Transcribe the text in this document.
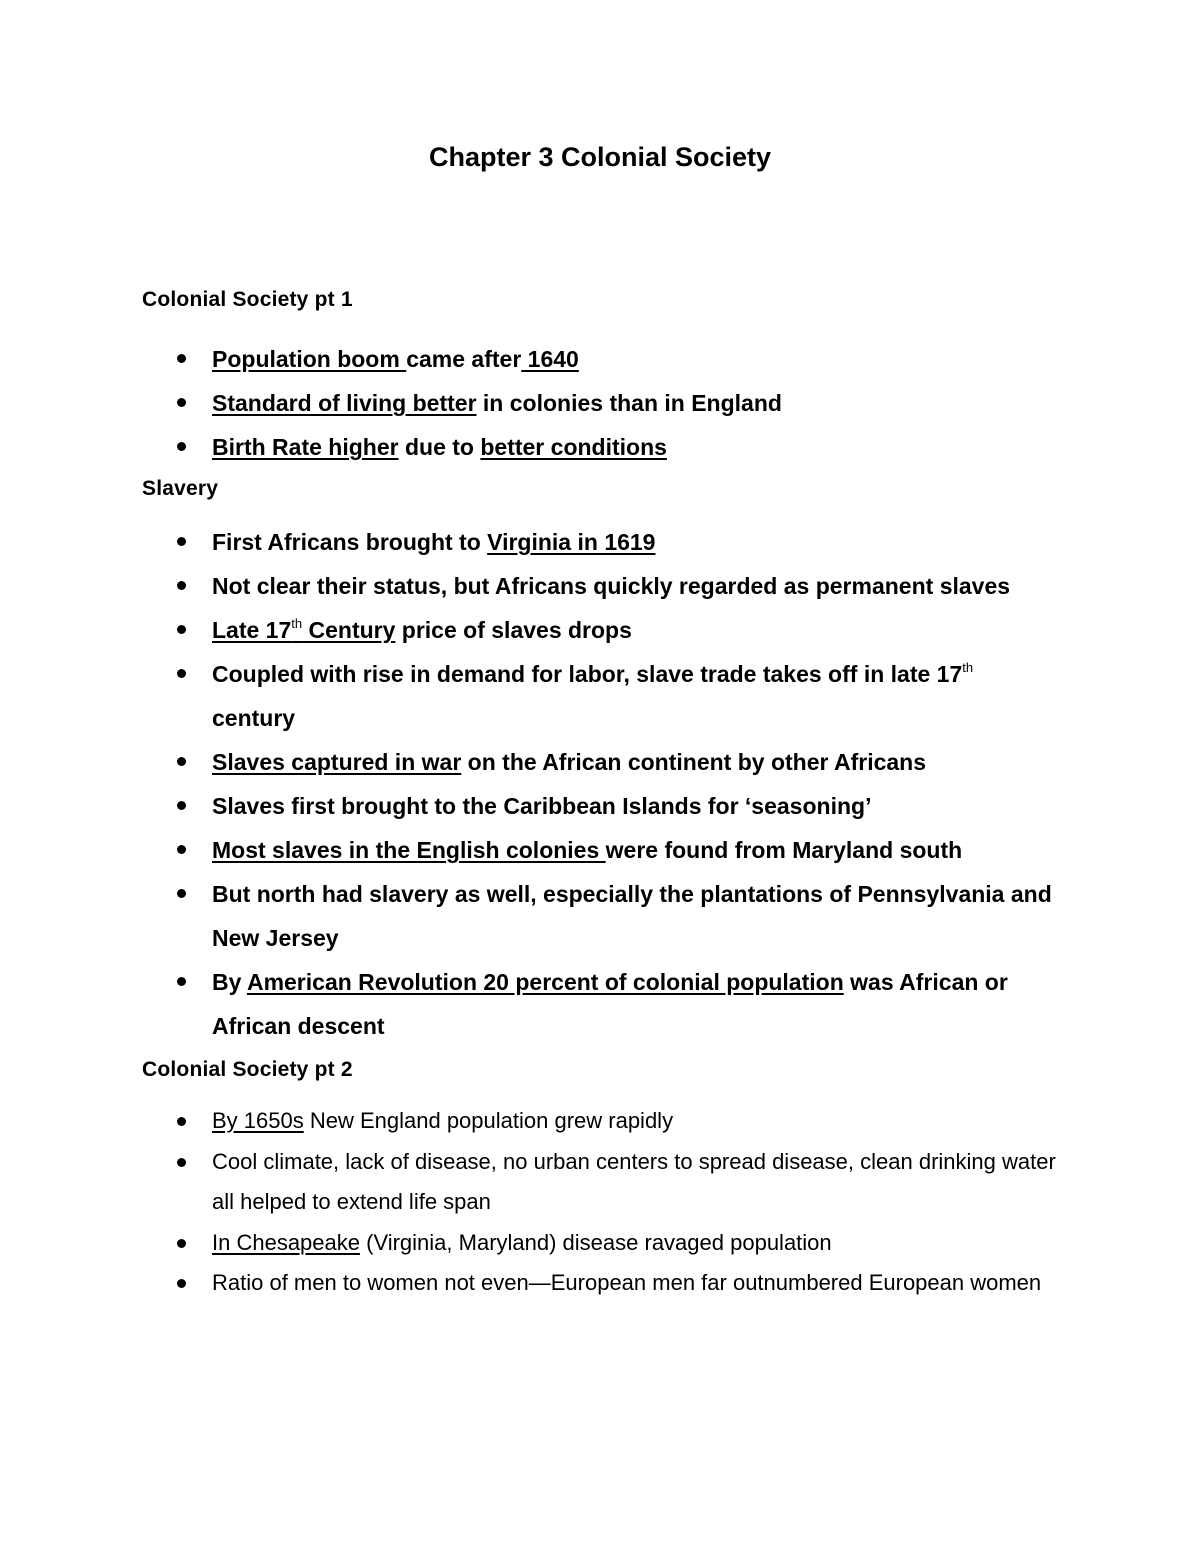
Chapter 3 Colonial Society
Colonial Society pt 1
Population boom came after 1640
Standard of living better in colonies than in England
Birth Rate higher due to better conditions
Slavery
First Africans brought to Virginia in 1619
Not clear their status, but Africans quickly regarded as permanent slaves
Late 17th Century price of slaves drops
Coupled with rise in demand for labor, slave trade takes off in late 17th
century
Slaves captured in war on the African continent by other Africans
Slaves first brought to the Caribbean Islands for ‘seasoning’
Most slaves in the English colonies were found from Maryland south
But north had slavery as well, especially the plantations of Pennsylvania and New Jersey
By American Revolution 20 percent of colonial population was African or African descent
Colonial Society pt 2
By 1650s New England population grew rapidly
Cool climate, lack of disease, no urban centers to spread disease, clean drinking water all helped to extend life span
In Chesapeake (Virginia, Maryland) disease ravaged population
Ratio of men to women not even—European men far outnumbered European women
